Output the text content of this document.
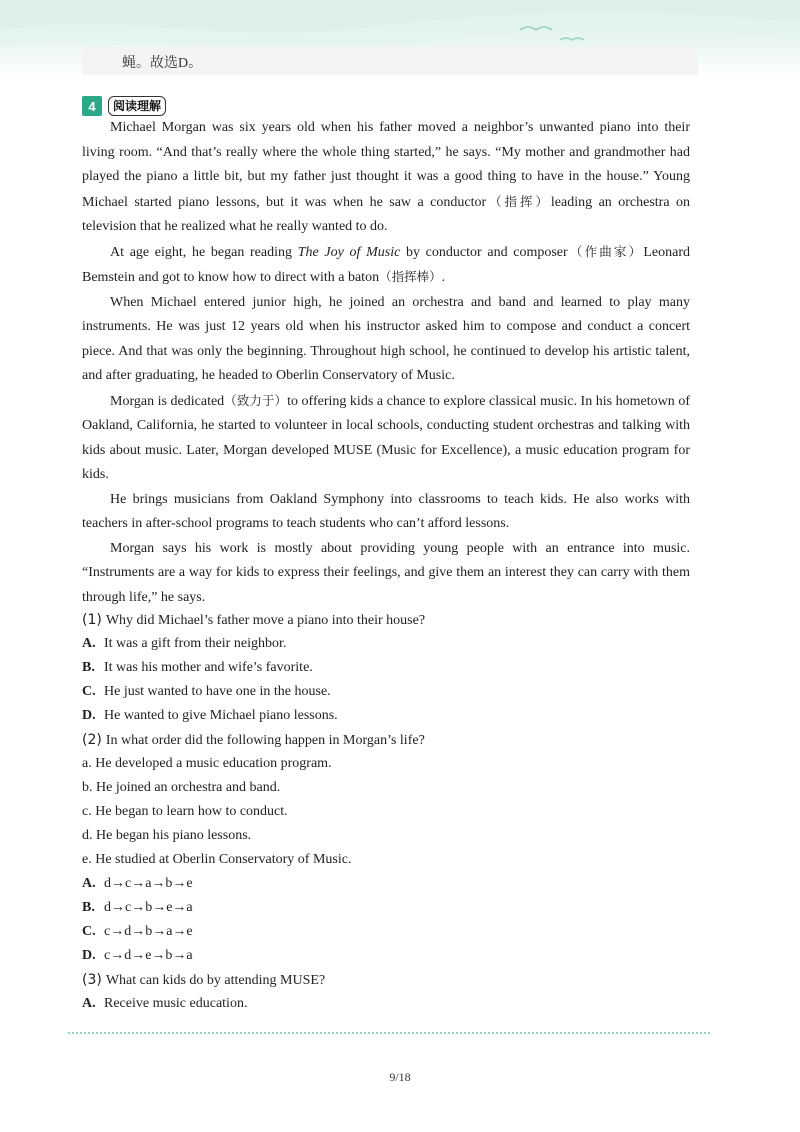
蝇。故选D。
4	阅读理解

Michael Morgan was six years old when his father moved a neighbor’s unwanted piano into their living room. “And that’s really where the whole thing started,” he says. “My mother and grandmother had played the piano a little bit, but my father just thought it was a good thing to have in the house.” Young Michael started piano lessons, but it was when he saw a conductor（指挥）leading an orchestra on television that he realized what he really wanted to do.

At age eight, he began reading The Joy of Music by conductor and composer（作曲家）Leonard Bemstein and got to know how to direct with a baton（指挥棒）.

When Michael entered junior high, he joined an orchestra and band and learned to play many instruments. He was just 12 years old when his instructor asked him to compose and conduct a concert piece. And that was only the beginning. Throughout high school, he continued to develop his artistic talent, and after graduating, he headed to Oberlin Conservatory of Music.

Morgan is dedicated（致力于）to offering kids a chance to explore classical music. In his hometown of Oakland, California, he started to volunteer in local schools, conducting student orchestras and talking with kids about music. Later, Morgan developed MUSE (Music for Excellence), a music education program for kids.

He brings musicians from Oakland Symphony into classrooms to teach kids. He also works with teachers in after-school programs to teach students who can’t afford lessons.

Morgan says his work is mostly about providing young people with an entrance into music. “Instruments are a way for kids to express their feelings, and give them an interest they can carry with them through life,” he says.

(1) Why did Michael’s father move a piano into their house?
A. It was a gift from their neighbor.
B. It was his mother and wife’s favorite.
C. He just wanted to have one in the house.
D. He wanted to give Michael piano lessons.
(2) In what order did the following happen in Morgan’s life?
a. He developed a music education program.
b. He joined an orchestra and band.
c. He began to learn how to conduct.
d. He began his piano lessons.
e. He studied at Oberlin Conservatory of Music.
A. d→c→a→b→e
B. d→c→b→e→a
C. c→d→b→a→e
D. c→d→e→b→a
(3) What can kids do by attending MUSE?
A. Receive music education.
9/18
